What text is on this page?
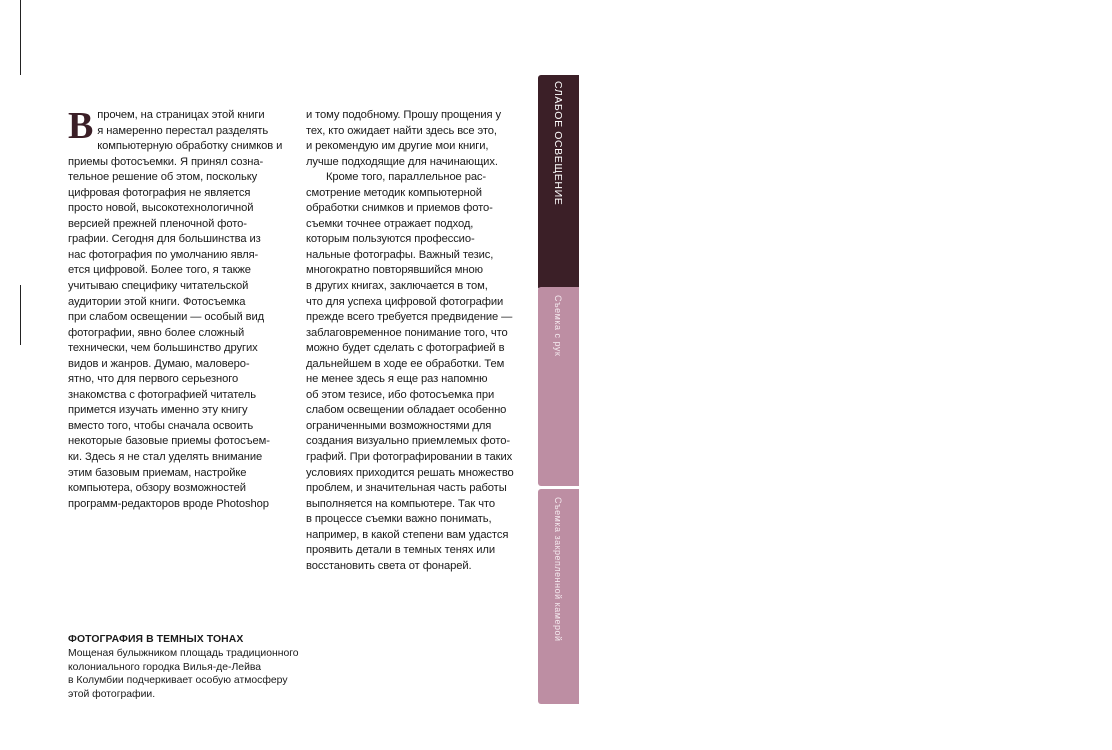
В прочем, на страницах этой книги
я намеренно перестал разделять
компьютерную обработку снимков и
приемы фотосъемки. Я принял созна-
тельное решение об этом, поскольку
цифровая фотография не является
просто новой, высокотехнологичной
версией прежней пленочной фото-
графии. Сегодня для большинства из
нас фотография по умолчанию явля-
ется цифровой. Более того, я также
учитываю специфику читательской
аудитории этой книги. Фотосъемка
при слабом освещении — особый вид
фотографии, явно более сложный
технически, чем большинство других
видов и жанров. Думаю, маловеро-
ятно, что для первого серьезного
знакомства с фотографией читатель
примется изучать именно эту книгу
вместо того, чтобы сначала освоить
некоторые базовые приемы фотосъем-
ки. Здесь я не стал уделять внимание
этим базовым приемам, настройке
компьютера, обзору возможностей
программ-редакторов вроде Photoshop

и тому подобному. Прошу прощения у
тех, кто ожидает найти здесь все это,
и рекомендую им другие мои книги,
лучше подходящие для начинающих.

Кроме того, параллельное рас-
смотрение методик компьютерной
обработки снимков и приемов фото-
съемки точнее отражает подход,
которым пользуются профессио-
нальные фотографы. Важный тезис,
многократно повторявшийся мною
в других книгах, заключается в том,
что для успеха цифровой фотографии
прежде всего требуется предвидение —
заблаговременное понимание того, что
можно будет сделать с фотографией в
дальнейшем в ходе ее обработки. Тем
не менее здесь я еще раз напомню
об этом тезисе, ибо фотосъемка при
слабом освещении обладает особенно
ограниченными возможностями для
создания визуально приемлемых фото-
графий. При фотографировании в таких
условиях приходится решать множество
проблем, и значительная часть работы
выполняется на компьютере. Так что
в процессе съемки важно понимать,
например, в какой степени вам удастся
проявить детали в темных тенях или
восстановить света от фонарей.

ФОТОГРАФИЯ В ТЕМНЫХ ТОНАХ
Мощеная булыжником площадь традиционного
колониального городка Вилья-де-Лейва
в Колумбии подчеркивает особую атмосферу
этой фотографии.
СЛАБОЕ ОСВЕЩЕНИЕ
7
Съемка с рук
Съемка закрепленной камерой
